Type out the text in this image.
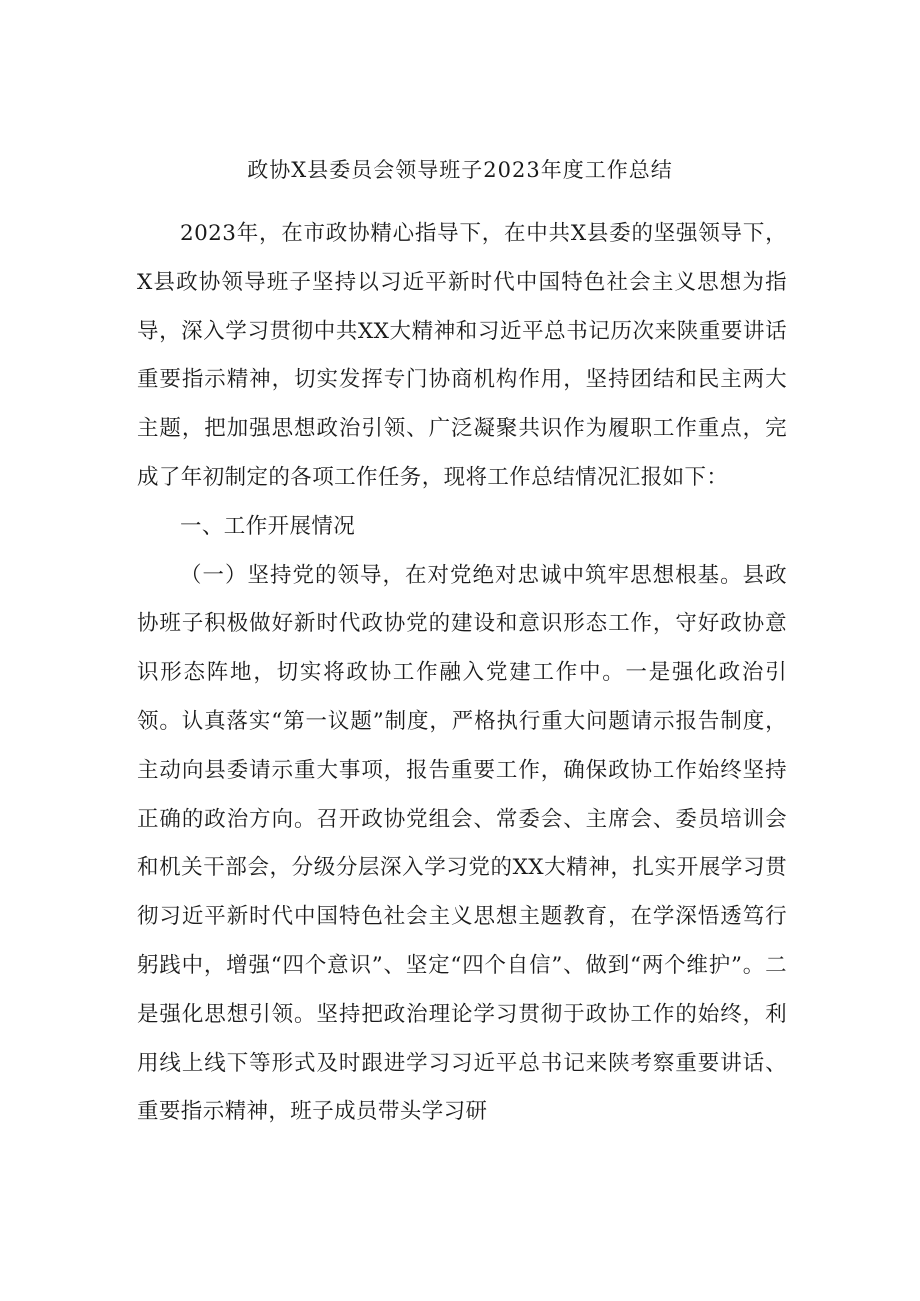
政协X县委员会领导班子2023年度工作总结

2023年，在市政协精心指导下，在中共X县委的坚强领导下，X县政协领导班子坚持以习近平新时代中国特色社会主义思想为指导，深入学习贯彻中共XX大精神和习近平总书记历次来陕重要讲话重要指示精神，切实发挥专门协商机构作用，坚持团结和民主两大主题，把加强思想政治引领、广泛凝聚共识作为履职工作重点，完成了年初制定的各项工作任务，现将工作总结情况汇报如下：

一、工作开展情况

（一）坚持党的领导，在对党绝对忠诚中筑牢思想根基。县政协班子积极做好新时代政协党的建设和意识形态工作，守好政协意识形态阵地，切实将政协工作融入党建工作中。一是强化政治引领。认真落实“第一议题”制度，严格执行重大问题请示报告制度，主动向县委请示重大事项，报告重要工作，确保政协工作始终坚持正确的政治方向。召开政协党组会、常委会、主席会、委员培训会和机关干部会，分级分层深入学习党的XX大精神，扎实开展学习贯彻习近平新时代中国特色社会主义思想主题教育，在学深悟透笃行躬践中，增强“四个意识”、坚定“四个自信”、做到“两个维护”。二是强化思想引领。坚持把政治理论学习贯彻于政协工作的始终，利用线上线下等形式及时跟进学习习近平总书记来陕考察重要讲话、重要指示精神，班子成员带头学习研
